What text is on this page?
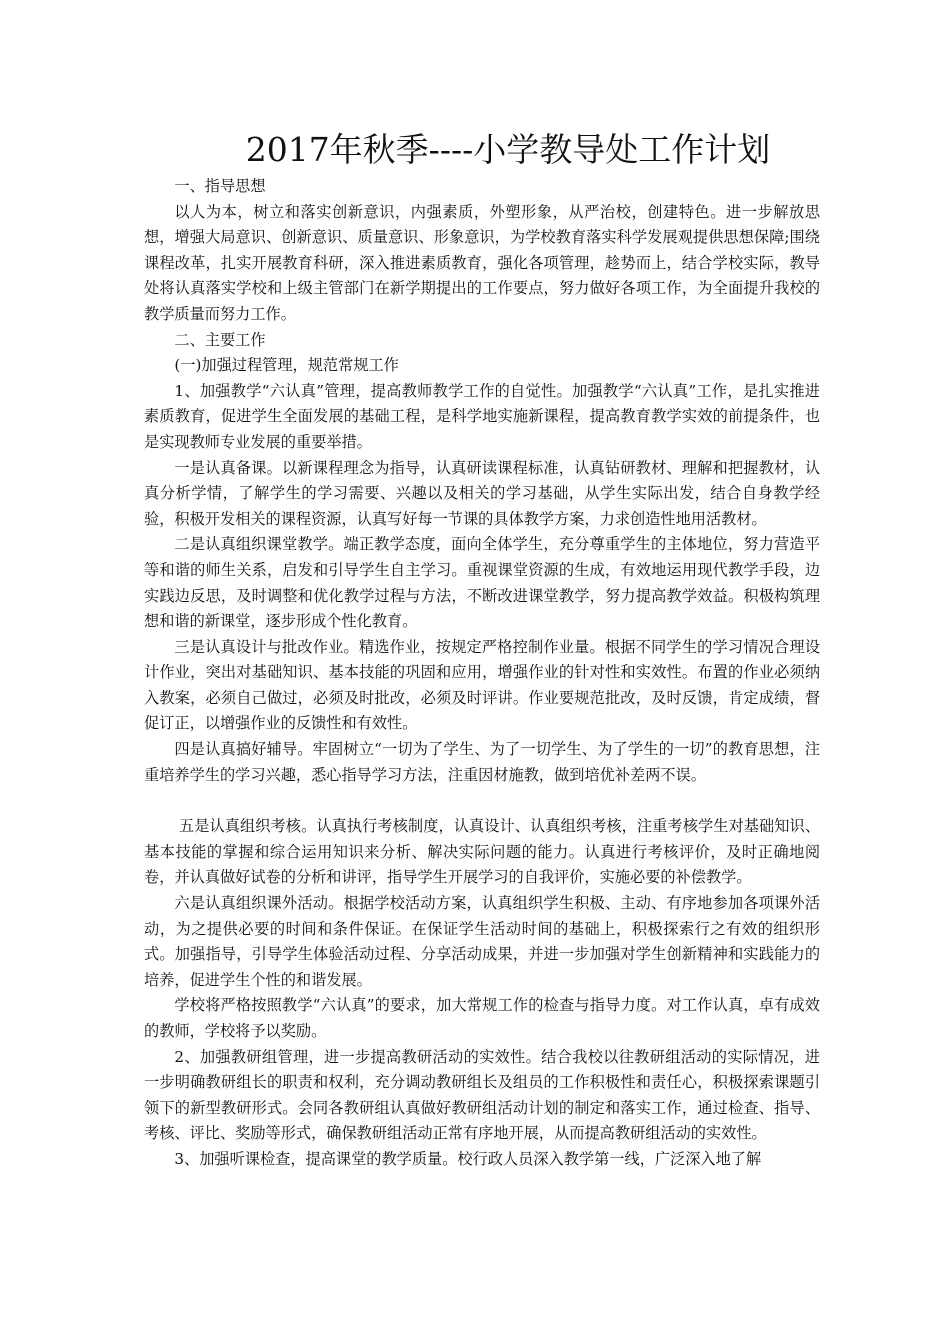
2017年秋季----小学教导处工作计划

一、指导思想

以人为本，树立和落实创新意识，内强素质，外塑形象，从严治校，创建特色。进一步解放思想，增强大局意识、创新意识、质量意识、形象意识，为学校教育落实科学发展观提供思想保障;围绕课程改革，扎实开展教育科研，深入推进素质教育，强化各项管理，趁势而上，结合学校实际，教导处将认真落实学校和上级主管部门在新学期提出的工作要点，努力做好各项工作，为全面提升我校的教学质量而努力工作。

二、主要工作

(一)加强过程管理，规范常规工作

1、加强教学“六认真”管理，提高教师教学工作的自觉性。加强教学“六认真”工作，是扎实推进素质教育，促进学生全面发展的基础工程，是科学地实施新课程，提高教育教学实效的前提条件，也是实现教师专业发展的重要举措。

一是认真备课。以新课程理念为指导，认真研读课程标准，认真钻研教材、理解和把握教材，认真分析学情，了解学生的学习需要、兴趣以及相关的学习基础，从学生实际出发，结合自身教学经验，积极开发相关的课程资源，认真写好每一节课的具体教学方案，力求创造性地用活教材。

二是认真组织课堂教学。端正教学态度，面向全体学生，充分尊重学生的主体地位，努力营造平等和谐的师生关系，启发和引导学生自主学习。重视课堂资源的生成，有效地运用现代教学手段，边实践边反思，及时调整和优化教学过程与方法，不断改进课堂教学，努力提高教学效益。积极构筑理想和谐的新课堂，逐步形成个性化教育。

三是认真设计与批改作业。精选作业，按规定严格控制作业量。根据不同学生的学习情况合理设计作业，突出对基础知识、基本技能的巩固和应用，增强作业的针对性和实效性。布置的作业必须纳入教案，必须自己做过，必须及时批改，必须及时评讲。作业要规范批改，及时反馈，肯定成绩，督促订正，以增强作业的反馈性和有效性。

四是认真搞好辅导。牢固树立“一切为了学生、为了一切学生、为了学生的一切”的教育思想，注重培养学生的学习兴趣，悉心指导学习方法，注重因材施教，做到培优补差两不误。

五是认真组织考核。认真执行考核制度，认真设计、认真组织考核，注重考核学生对基础知识、基本技能的掌握和综合运用知识来分析、解决实际问题的能力。认真进行考核评价，及时正确地阅卷，并认真做好试卷的分析和讲评，指导学生开展学习的自我评价，实施必要的补偿教学。

六是认真组织课外活动。根据学校活动方案，认真组织学生积极、主动、有序地参加各项课外活动，为之提供必要的时间和条件保证。在保证学生活动时间的基础上，积极探索行之有效的组织形式。加强指导，引导学生体验活动过程、分享活动成果，并进一步加强对学生创新精神和实践能力的培养，促进学生个性的和谐发展。

学校将严格按照教学“六认真”的要求，加大常规工作的检查与指导力度。对工作认真，卓有成效的教师，学校将予以奖励。

2、加强教研组管理，进一步提高教研活动的实效性。结合我校以往教研组活动的实际情况，进一步明确教研组长的职责和权利，充分调动教研组长及组员的工作积极性和责任心，积极探索课题引领下的新型教研形式。会同各教研组认真做好教研组活动计划的制定和落实工作，通过检查、指导、考核、评比、奖励等形式，确保教研组活动正常有序地开展，从而提高教研组活动的实效性。

3、加强听课检查，提高课堂的教学质量。校行政人员深入教学第一线，广泛深入地了解
